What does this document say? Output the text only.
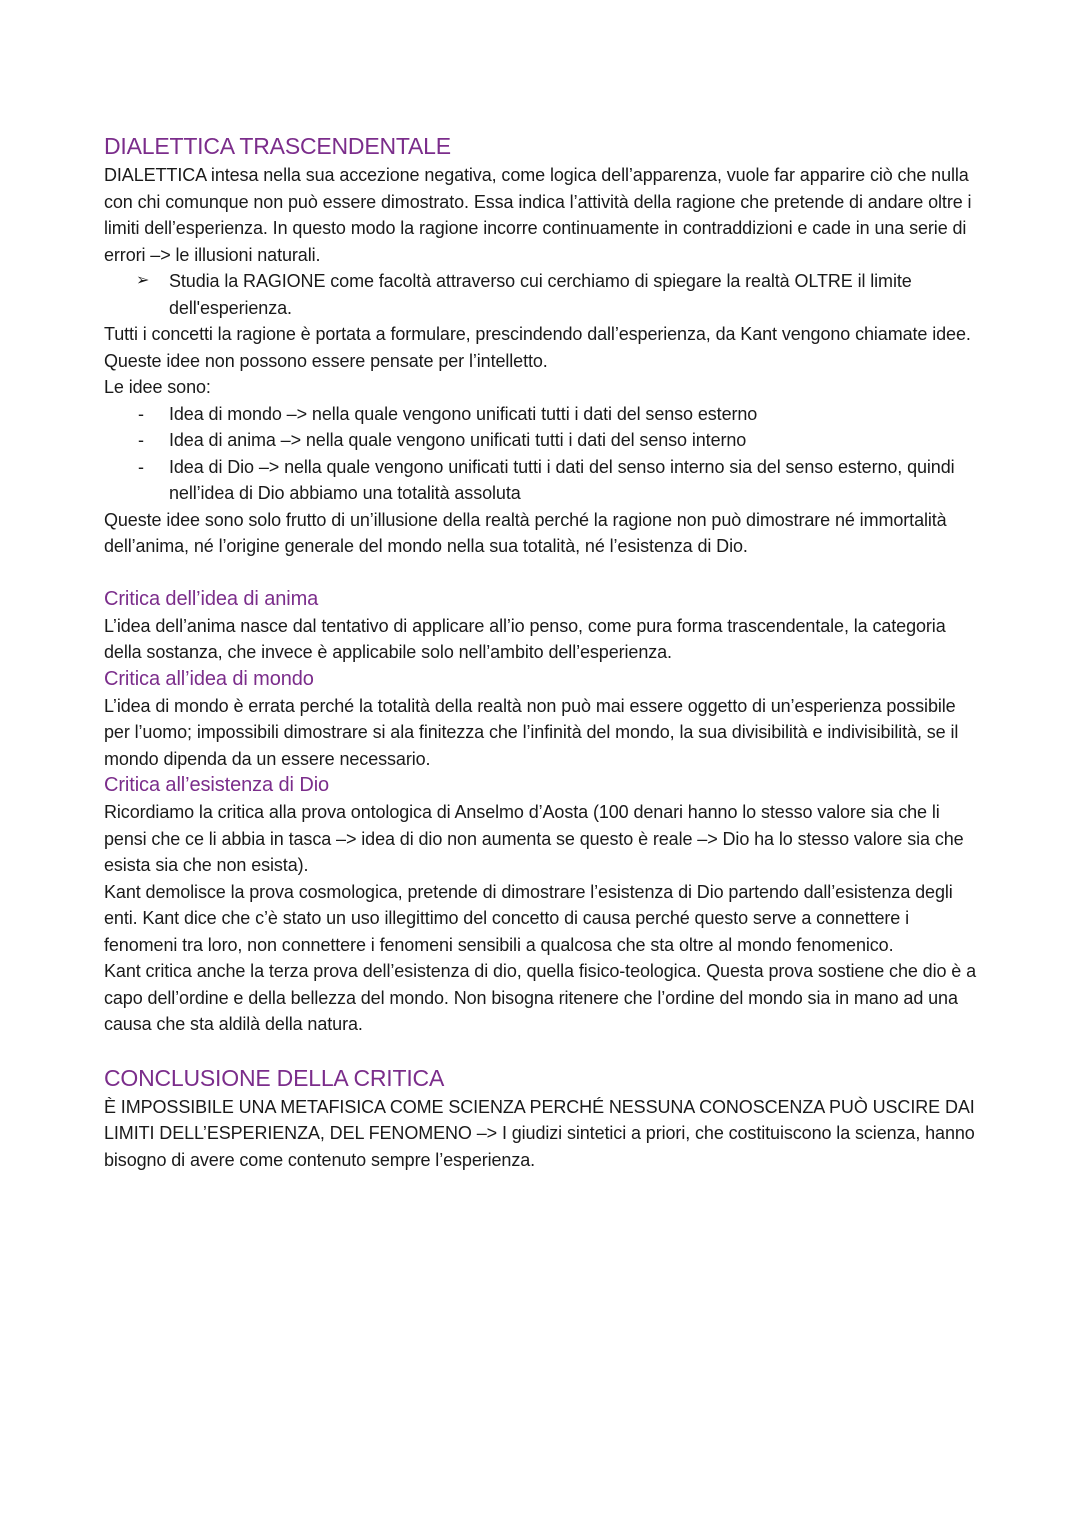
DIALETTICA TRASCENDENTALE

DIALETTICA intesa nella sua accezione negativa, come logica dell’apparenza, vuole far apparire ciò che nulla con chi comunque non può essere dimostrato. Essa indica l’attività della ragione che pretende di andare oltre i limiti dell’esperienza. In questo modo la ragione incorre continuamente in contraddizioni e cade in una serie di errori –> le illusioni naturali.

➢ Studia la RAGIONE come facoltà attraverso cui cerchiamo di spiegare la realtà OLTRE il limite dell'esperienza.

Tutti i concetti la ragione è portata a formulare, prescindendo dall’esperienza, da Kant vengono chiamate idee. Queste idee non possono essere pensate per l’intelletto.

Le idee sono:

- Idea di mondo –> nella quale vengono unificati tutti i dati del senso esterno
- Idea di anima –> nella quale vengono unificati tutti i dati del senso interno
- Idea di Dio –> nella quale vengono unificati tutti i dati del senso interno sia del senso esterno, quindi nell’idea di Dio abbiamo una totalità assoluta

Queste idee sono solo frutto di un’illusione della realtà perché la ragione non può dimostrare né immortalità dell’anima, né l’origine generale del mondo nella sua totalità, né l’esistenza di Dio.

Critica dell’idea di anima

L’idea dell’anima nasce dal tentativo di applicare all’io penso, come pura forma trascendentale, la categoria della sostanza, che invece è applicabile solo nell’ambito dell’esperienza.

Critica all’idea di mondo

L’idea di mondo è errata perché la totalità della realtà non può mai essere oggetto di un’esperienza possibile per l’uomo; impossibili dimostrare si ala finitezza che l’infinità del mondo, la sua divisibilità e indivisibilità, se il mondo dipenda da un essere necessario.

Critica all’esistenza di Dio

Ricordiamo la critica alla prova ontologica di Anselmo d’Aosta (100 denari hanno lo stesso valore sia che li pensi che ce li abbia in tasca –> idea di dio non aumenta se questo è reale –> Dio ha lo stesso valore sia che esista sia che non esista).

Kant demolisce la prova cosmologica, pretende di dimostrare l’esistenza di Dio partendo dall’esistenza degli enti. Kant dice che c’è stato un uso illegittimo del concetto di causa perché questo serve a connettere i fenomeni tra loro, non connettere i fenomeni sensibili a qualcosa che sta oltre al mondo fenomenico.

Kant critica anche la terza prova dell’esistenza di dio, quella fisico-teologica. Questa prova sostiene che dio è a capo dell’ordine e della bellezza del mondo. Non bisogna ritenere che l’ordine del mondo sia in mano ad una causa che sta aldilà della natura.

CONCLUSIONE DELLA CRITICA

È IMPOSSIBILE UNA METAFISICA COME SCIENZA PERCHÉ NESSUNA CONOSCENZA PUÒ USCIRE DAI LIMITI DELL’ESPERIENZA, DEL FENOMENO –> I giudizi sintetici a priori, che costituiscono la scienza, hanno bisogno di avere come contenuto sempre l’esperienza.
